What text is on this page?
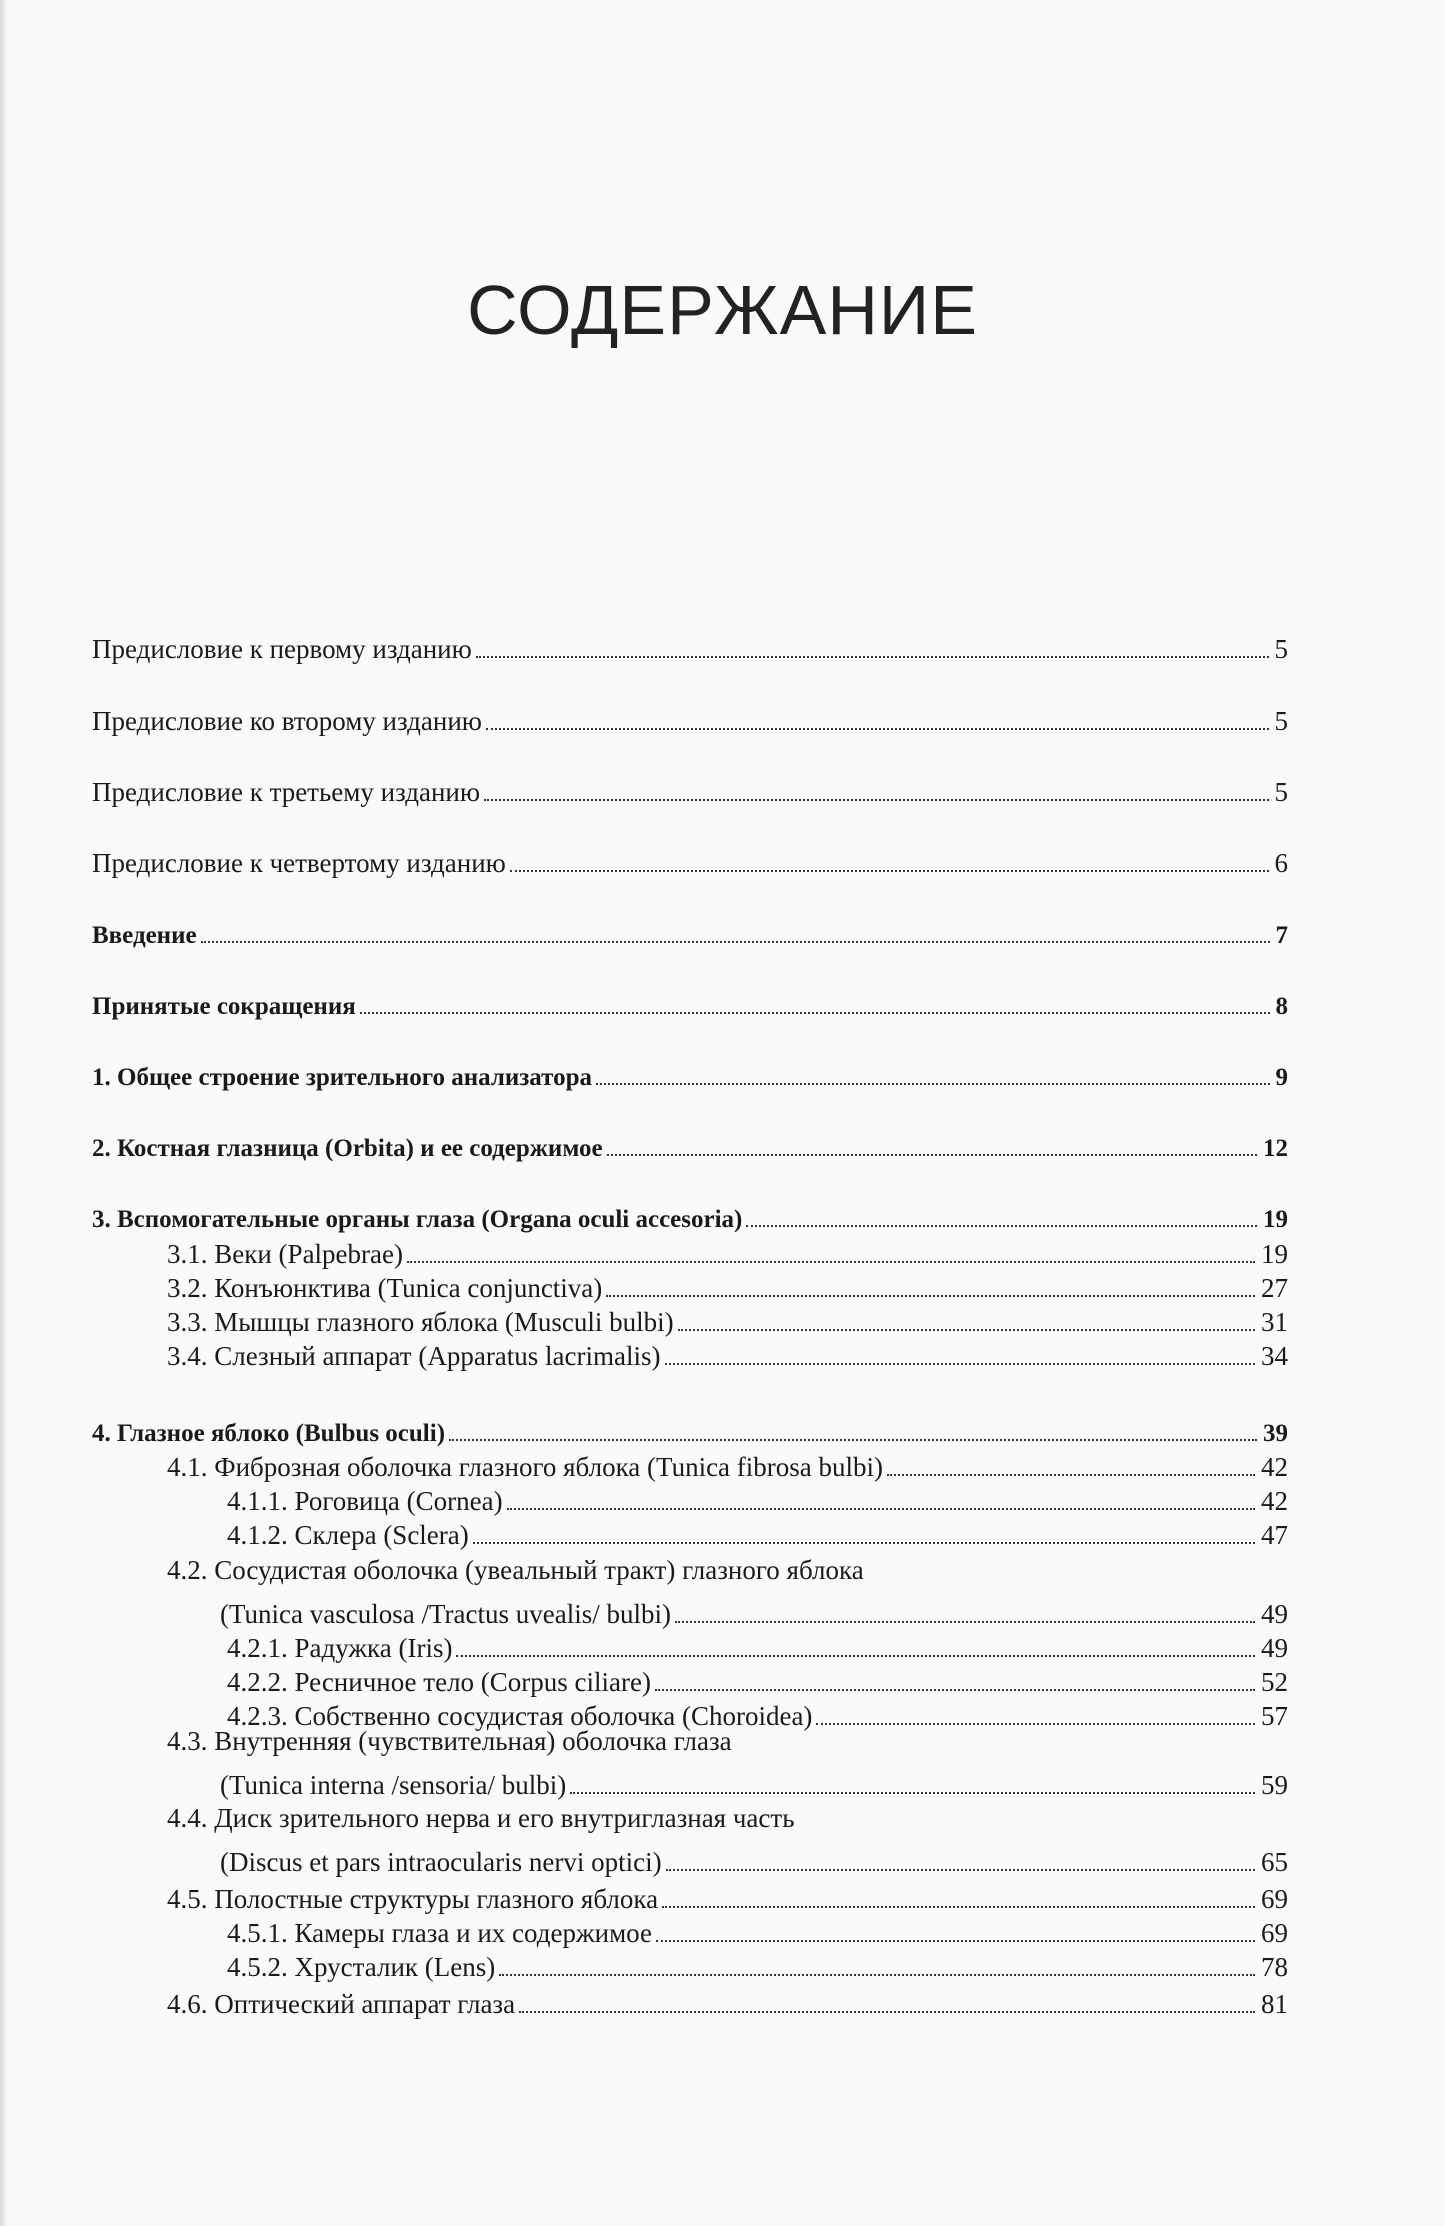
СОДЕРЖАНИЕ
Предисловие к первому изданию	5
Предисловие ко второму изданию	5
Предисловие к третьему изданию	5
Предисловие к четвертому изданию	6
Введение	7
Принятые сокращения	8
1. Общее строение зрительного анализатора	9
2. Костная глазница (Orbita) и ее содержимое	12
3. Вспомогательные органы глаза (Organa oculi accesoria)	19
3.1. Веки (Palpebrae)	19
3.2. Конъюнктива (Tunica conjunctiva)	27
3.3. Мышцы глазного яблока (Musculi bulbi)	31
3.4. Слезный аппарат (Apparatus lacrimalis)	34
4. Глазное яблоко (Bulbus oculi)	39
4.1. Фиброзная оболочка глазного яблока (Tunica fibrosa bulbi)	42
4.1.1. Роговица (Cornea)	42
4.1.2. Склера (Sclera)	47
4.2. Сосудистая оболочка (увеальный тракт) глазного яблока
(Tunica vasculosa /Tractus uvealis/ bulbi)	49
4.2.1. Радужка (Iris)	49
4.2.2. Ресничное тело (Corpus ciliare)	52
4.2.3. Собственно сосудистая оболочка (Choroidea)	57
4.3. Внутренняя (чувствительная) оболочка глаза
(Tunica interna /sensoria/ bulbi)	59
4.4. Диск зрительного нерва и его внутриглазная часть
(Discus et pars intraocularis nervi optici)	65
4.5. Полостные структуры глазного яблока	69
4.5.1. Камеры глаза и их содержимое	69
4.5.2. Хрусталик (Lens)	78
4.6. Оптический аппарат глаза	81
